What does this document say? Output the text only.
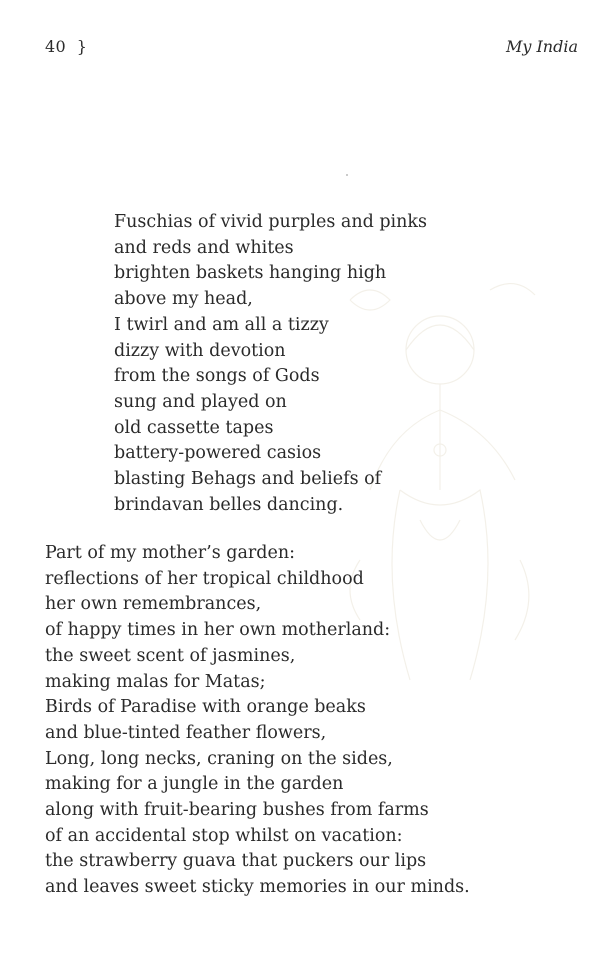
40 }	My India
Fuschias of vivid purples and pinks
and reds and whites
brighten baskets hanging high
above my head,
I twirl and am all a tizzy
dizzy with devotion
from the songs of Gods
sung and played on
old cassette tapes
battery-powered casios
blasting Behags and beliefs of
brindavan belles dancing.
Part of my mother’s garden:
reflections of her tropical childhood
her own remembrances,
of happy times in her own motherland:
the sweet scent of jasmines,
making malas for Matas;
Birds of Paradise with orange beaks
and blue-tinted feather flowers,
Long, long necks, craning on the sides,
making for a jungle in the garden
along with fruit-bearing bushes from farms
of an accidental stop whilst on vacation:
the strawberry guava that puckers our lips
and leaves sweet sticky memories in our minds.
